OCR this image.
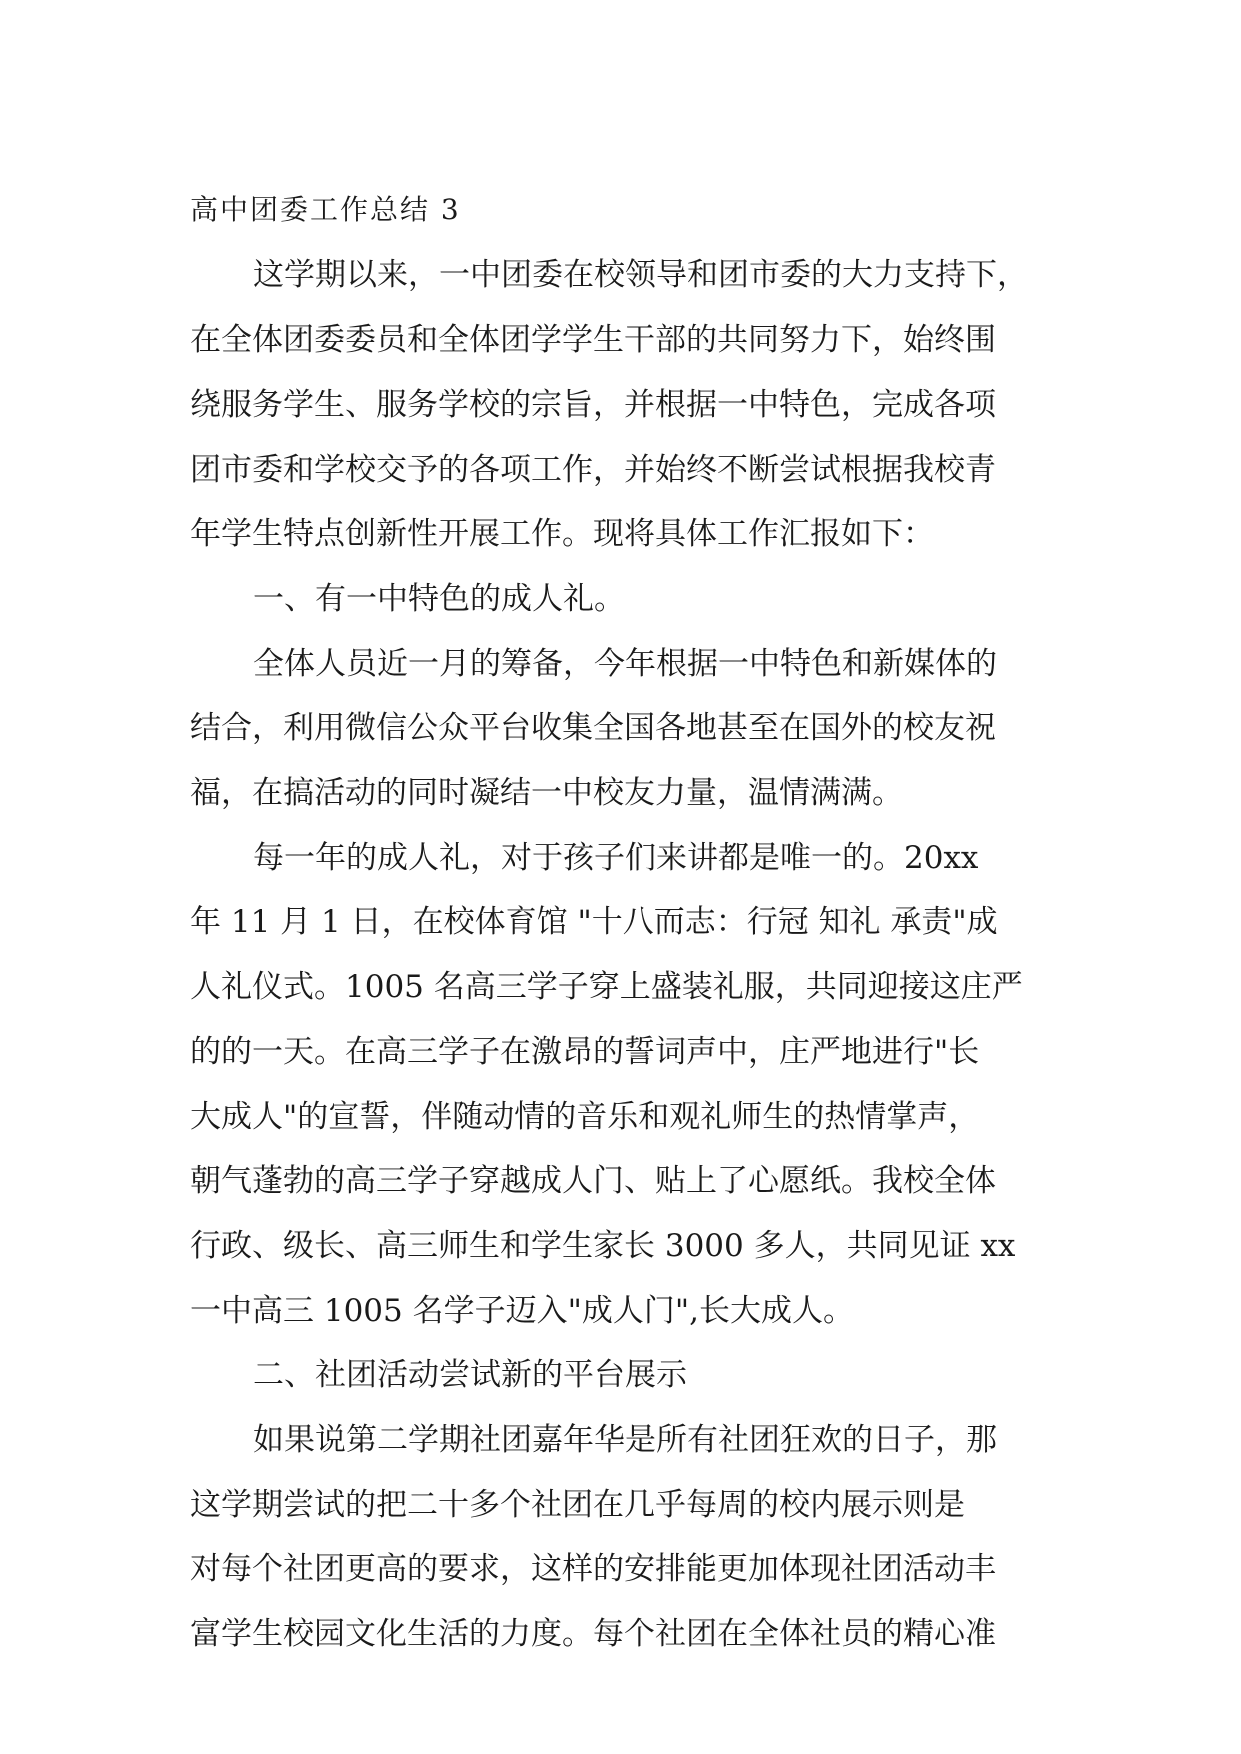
高中团委工作总结 3
这学期以来，一中团委在校领导和团市委的大力支持下，
在全体团委委员和全体团学学生干部的共同努力下，始终围
绕服务学生、服务学校的宗旨，并根据一中特色，完成各项
团市委和学校交予的各项工作，并始终不断尝试根据我校青
年学生特点创新性开展工作。现将具体工作汇报如下：
一、有一中特色的成人礼。
全体人员近一月的筹备，今年根据一中特色和新媒体的
结合，利用微信公众平台收集全国各地甚至在国外的校友祝
福，在搞活动的同时凝结一中校友力量，温情满满。
每一年的成人礼，对于孩子们来讲都是唯一的。20xx
年 11 月 1 日，在校体育馆 "十八而志：行冠 知礼 承责"成
人礼仪式。1005 名高三学子穿上盛装礼服，共同迎接这庄严
的的一天。在高三学子在激昂的誓词声中，庄严地进行"长
大成人"的宣誓，伴随动情的音乐和观礼师生的热情掌声，
朝气蓬勃的高三学子穿越成人门、贴上了心愿纸。我校全体
行政、级长、高三师生和学生家长 3000 多人，共同见证 xx
一中高三 1005 名学子迈入"成人门",长大成人。
二、社团活动尝试新的平台展示
如果说第二学期社团嘉年华是所有社团狂欢的日子，那
这学期尝试的把二十多个社团在几乎每周的校内展示则是
对每个社团更高的要求，这样的安排能更加体现社团活动丰
富学生校园文化生活的力度。每个社团在全体社员的精心准
